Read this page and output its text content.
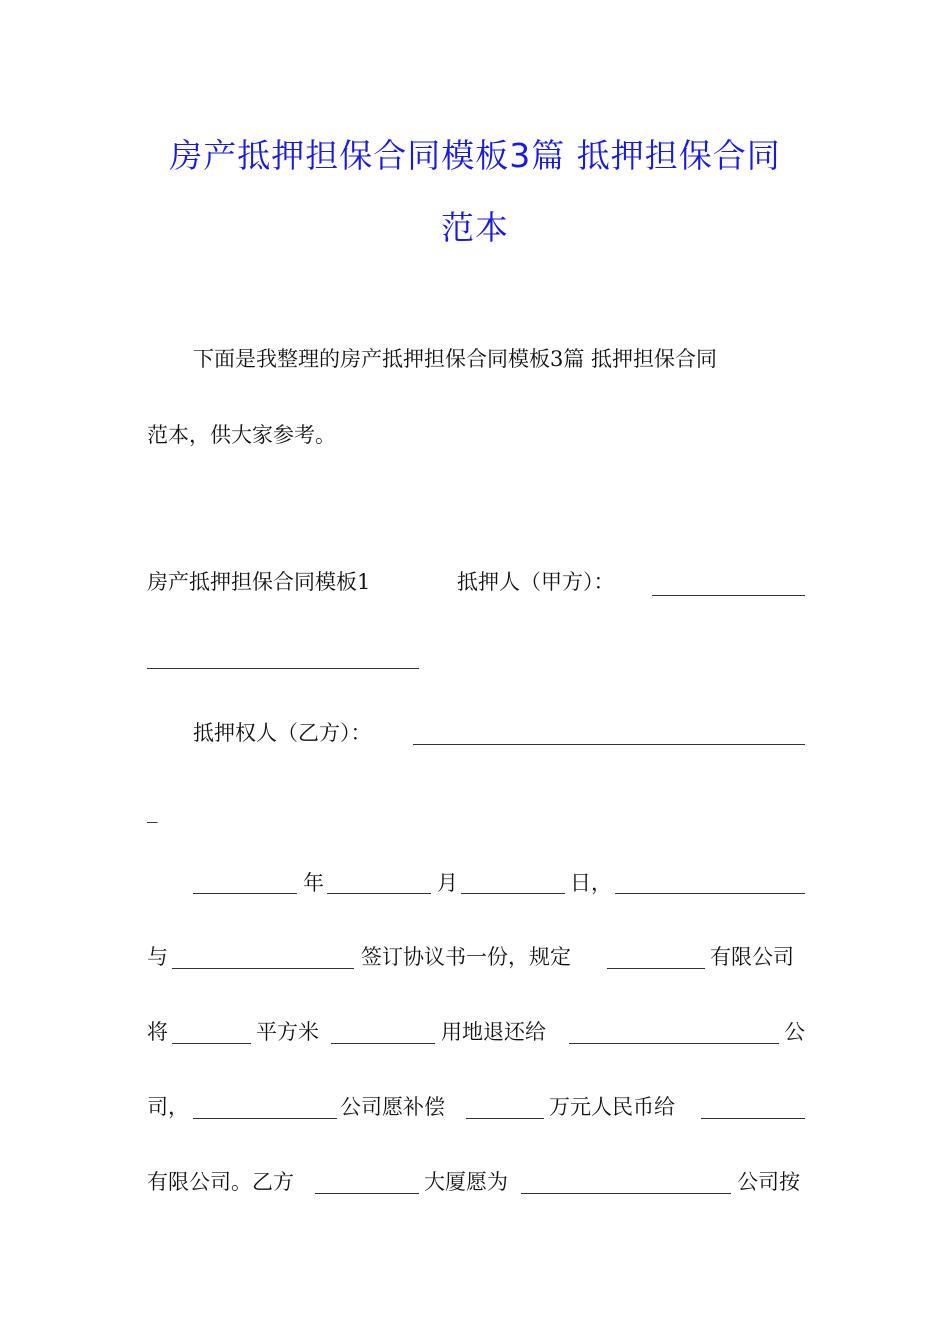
房产抵押担保合同模板3篇 抵押担保合同
范本
下面是我整理的房产抵押担保合同模板3篇 抵押担保合同
范本，供大家参考。
房产抵押担保合同模板1	抵押人（甲方）：
抵押权人（乙方）：
_
年	月	日，
与	签订协议书一份，规定	有限公司
将	平方米	用地退还给	公
司，	公司愿补偿	万元人民币给
有限公司。乙方	大厦愿为	公司按
